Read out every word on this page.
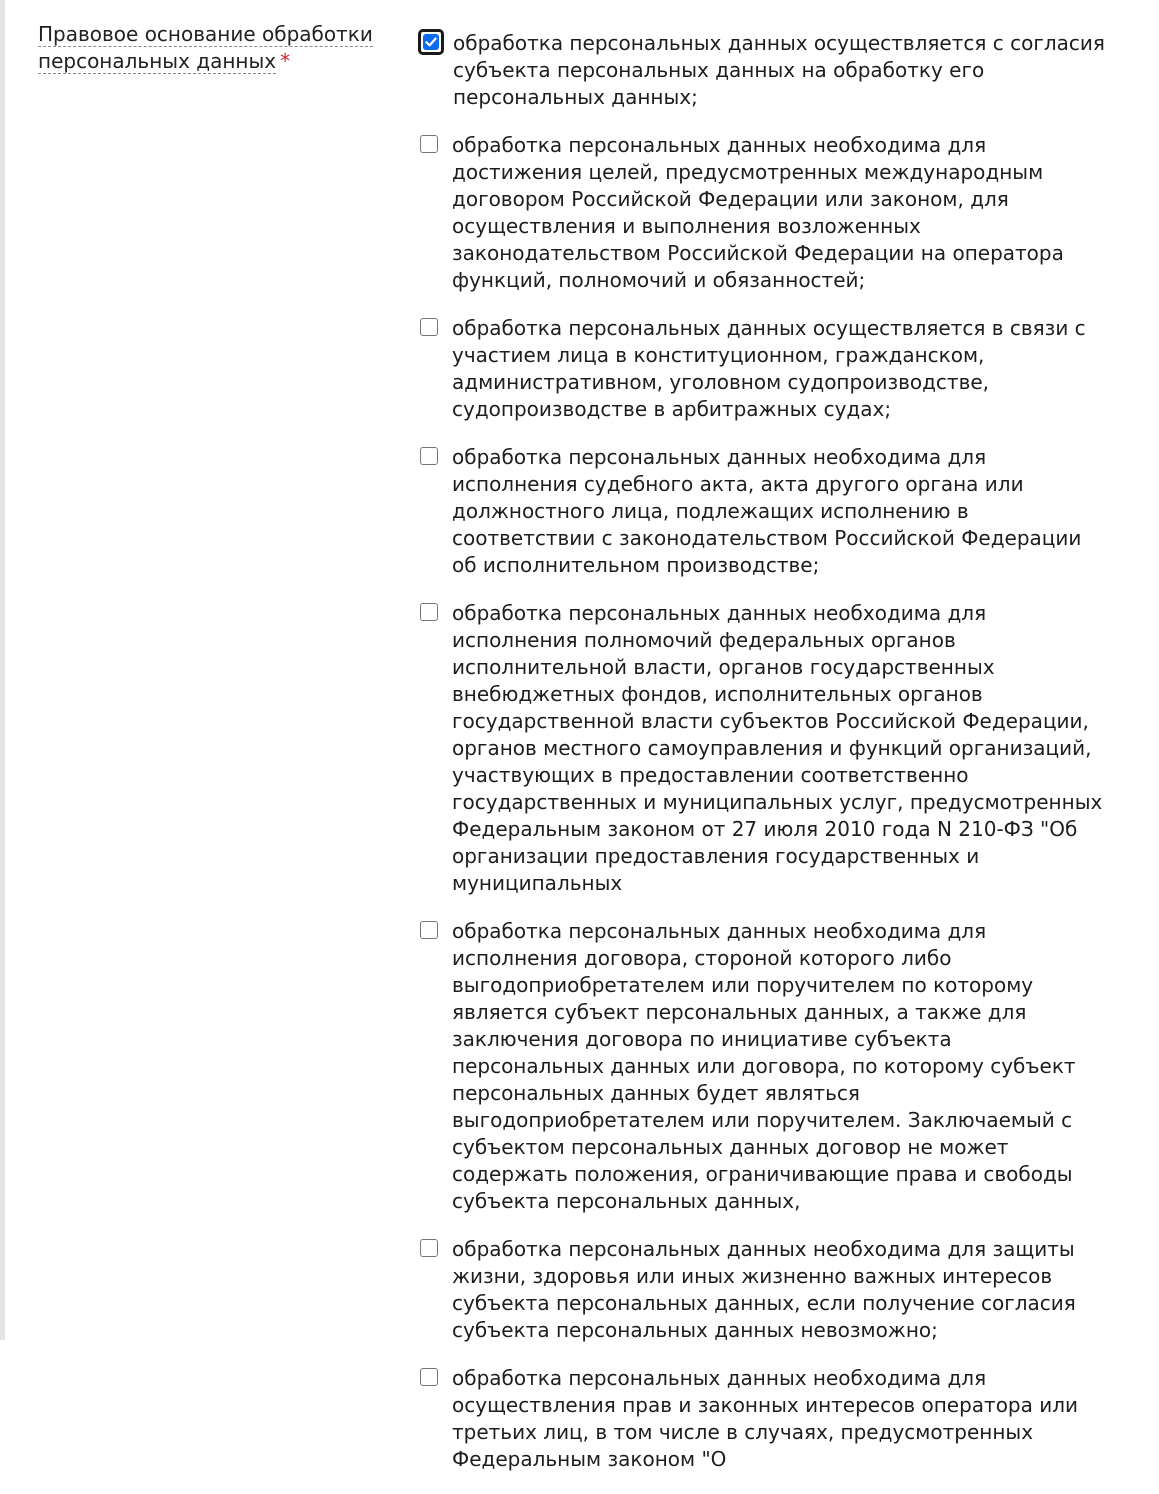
Правовое основание обработки
персональных данных *
обработка персональных данных осуществляется с согласия субъекта персональных данных на обработку его персональных данных;
обработка персональных данных необходима для достижения целей, предусмотренных международным договором Российской Федерации или законом, для осуществления и выполнения возложенных законодательством Российской Федерации на оператора функций, полномочий и обязанностей;
обработка персональных данных осуществляется в связи с участием лица в конституционном, гражданском, административном, уголовном судопроизводстве, судопроизводстве в арбитражных судах;
обработка персональных данных необходима для исполнения судебного акта, акта другого органа или должностного лица, подлежащих исполнению в соответствии с законодательством Российской Федерации об исполнительном производстве;
обработка персональных данных необходима для исполнения полномочий федеральных органов исполнительной власти, органов государственных внебюджетных фондов, исполнительных органов государственной власти субъектов Российской Федерации, органов местного самоуправления и функций организаций, участвующих в предоставлении соответственно государственных и муниципальных услуг, предусмотренных Федеральным законом от 27 июля 2010 года N 210-ФЗ "Об организации предоставления государственных и муниципальных
обработка персональных данных необходима для исполнения договора, стороной которого либо выгодоприобретателем или поручителем по которому является субъект персональных данных, а также для заключения договора по инициативе субъекта персональных данных или договора, по которому субъект персональных данных будет являться выгодоприобретателем или поручителем. Заключаемый с субъектом персональных данных договор не может содержать положения, ограничивающие права и свободы субъекта персональных данных,
обработка персональных данных необходима для защиты жизни, здоровья или иных жизненно важных интересов субъекта персональных данных, если получение согласия субъекта персональных данных невозможно;
обработка персональных данных необходима для осуществления прав и законных интересов оператора или третьих лиц, в том числе в случаях, предусмотренных Федеральным законом "О
